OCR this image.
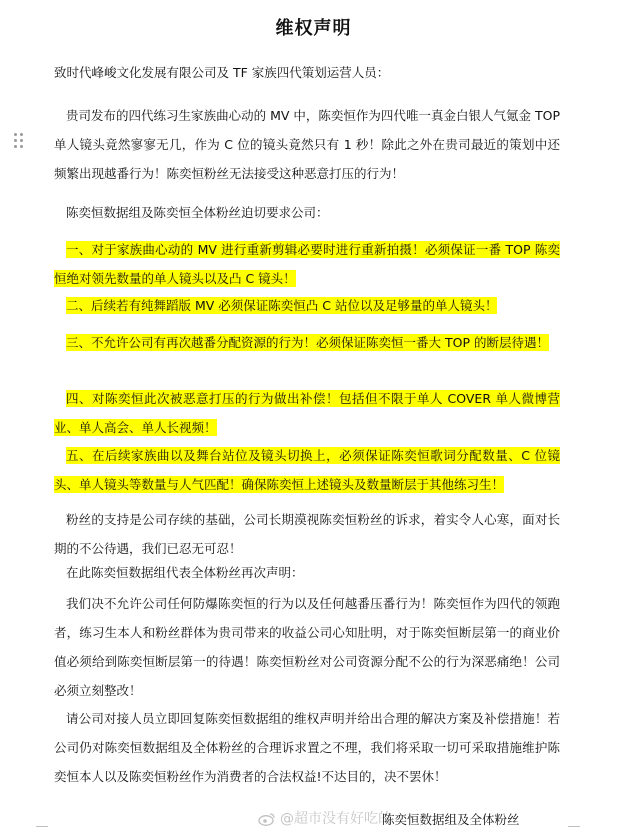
维权声明

致时代峰峻文化发展有限公司及 TF 家族四代策划运营人员：

贵司发布的四代练习生家族曲心动的 MV 中，陈奕恒作为四代唯一真金白银人气氪金 TOP 单人镜头竟然寥寥无几，作为 C 位的镜头竟然只有 1 秒！除此之外在贵司最近的策划中还频繁出现越番行为！陈奕恒粉丝无法接受这种恶意打压的行为！

陈奕恒数据组及陈奕恒全体粉丝迫切要求公司：

一、对于家族曲心动的 MV 进行重新剪辑必要时进行重新拍摄！必须保证一番 TOP 陈奕恒绝对领先数量的单人镜头以及凸 C 镜头！

二、后续若有纯舞蹈版 MV 必须保证陈奕恒凸 C 站位以及足够量的单人镜头！

三、不允许公司有再次越番分配资源的行为！必须保证陈奕恒一番大 TOP 的断层待遇！

四、对陈奕恒此次被恶意打压的行为做出补偿！包括但不限于单人 COVER 单人微博营业、单人高会、单人长视频！

五、在后续家族曲以及舞台站位及镜头切换上，必须保证陈奕恒歌词分配数量、C 位镜头、单人镜头等数量与人气匹配！确保陈奕恒上述镜头及数量断层于其他练习生！

粉丝的支持是公司存续的基础，公司长期漠视陈奕恒粉丝的诉求，着实令人心寒，面对长期的不公待遇，我们已忍无可忍！

在此陈奕恒数据组代表全体粉丝再次声明：

我们决不允许公司任何防爆陈奕恒的行为以及任何越番压番行为！陈奕恒作为四代的领跑者，练习生本人和粉丝群体为贵司带来的收益公司心知肚明，对于陈奕恒断层第一的商业价值必须给到陈奕恒断层第一的待遇！陈奕恒粉丝对公司资源分配不公的行为深恶痛绝！公司必须立刻整改！

请公司对接人员立即回复陈奕恒数据组的维权声明并给出合理的解决方案及补偿措施！若公司仍对陈奕恒数据组及全体粉丝的合理诉求置之不理，我们将采取一切可采取措施维护陈奕恒本人以及陈奕恒粉丝作为消费者的合法权益!不达目的，决不罢休！

@超市没有好吃的
陈奕恒数据组及全体粉丝
